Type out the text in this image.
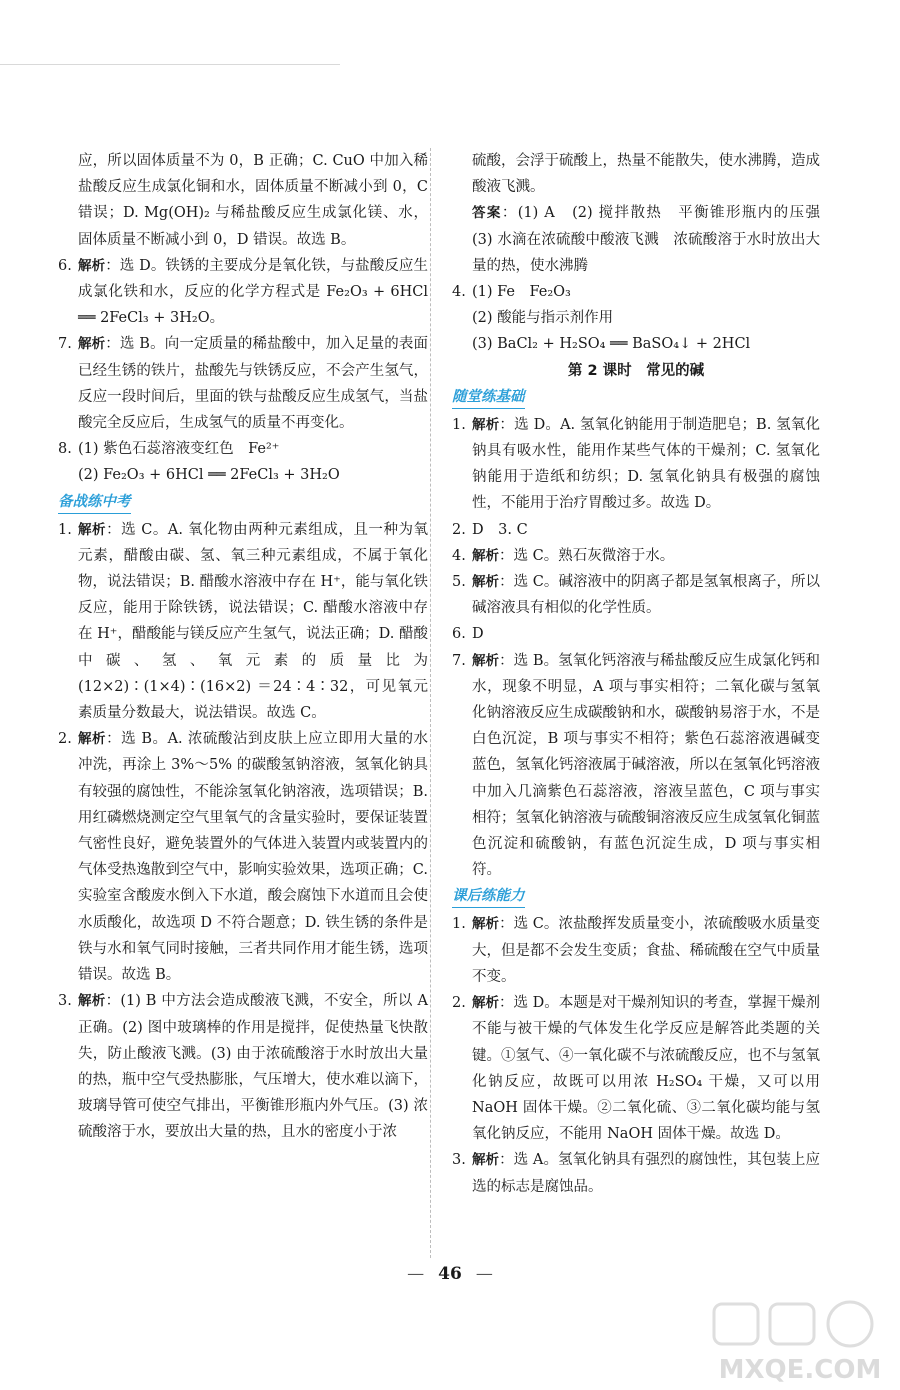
应，所以固体质量不为 0，B 正确；C. CuO 中加入稀盐酸反应生成氯化铜和水，固体质量不断减小到 0，C 错误；D. Mg(OH)₂ 与稀盐酸反应生成氯化镁、水，固体质量不断减小到 0，D 错误。故选 B。
6. 解析：选 D。铁锈的主要成分是氧化铁，与盐酸反应生成氯化铁和水，反应的化学方程式是 Fe₂O₃ + 6HCl ══ 2FeCl₃ + 3H₂O。
7. 解析：选 B。向一定质量的稀盐酸中，加入足量的表面已经生锈的铁片，盐酸先与铁锈反应，不会产生氢气，反应一段时间后，里面的铁与盐酸反应生成氢气，当盐酸完全反应后，生成氢气的质量不再变化。
8. (1) 紫色石蕊溶液变红色　Fe²⁺
(2) Fe₂O₃ + 6HCl ══ 2FeCl₃ + 3H₂O
备战练中考
1. 解析：选 C。A. 氧化物由两种元素组成，且一种为氧元素，醋酸由碳、氢、氧三种元素组成，不属于氧化物，说法错误；B. 醋酸水溶液中存在 H⁺，能与氧化铁反应，能用于除铁锈，说法错误；C. 醋酸水溶液中存在 H⁺，醋酸能与镁反应产生氢气，说法正确；D. 醋酸中碳、氢、氧元素的质量比为(12×2)∶(1×4)∶(16×2) ＝24∶4∶32，可见氧元素质量分数最大，说法错误。故选 C。
2. 解析：选 B。A. 浓硫酸沾到皮肤上应立即用大量的水冲洗，再涂上 3%～5% 的碳酸氢钠溶液，氢氧化钠具有较强的腐蚀性，不能涂氢氧化钠溶液，选项错误；B. 用红磷燃烧测定空气里氧气的含量实验时，要保证装置气密性良好，避免装置外的气体进入装置内或装置内的气体受热逸散到空气中，影响实验效果，选项正确；C. 实验室含酸废水倒入下水道，酸会腐蚀下水道而且会使水质酸化，故选项 D 不符合题意；D. 铁生锈的条件是铁与水和氧气同时接触，三者共同作用才能生锈，选项错误。故选 B。
3. 解析：(1) B 中方法会造成酸液飞溅，不安全，所以 A 正确。(2) 图中玻璃棒的作用是搅拌，促使热量飞快散失，防止酸液飞溅。(3) 由于浓硫酸溶于水时放出大量的热，瓶中空气受热膨胀，气压增大，使水难以滴下，玻璃导管可使空气排出，平衡锥形瓶内外气压。(3) 浓硫酸溶于水，要放出大量的热，且水的密度小于浓
硫酸，会浮于硫酸上，热量不能散失，使水沸腾，造成酸液飞溅。
答案：(1) A　(2) 搅拌散热　平衡锥形瓶内的压强　(3) 水滴在浓硫酸中酸液飞溅　浓硫酸溶于水时放出大量的热，使水沸腾
4. (1) Fe　Fe₂O₃
(2) 酸能与指示剂作用
(3) BaCl₂ + H₂SO₄ ══ BaSO₄↓ + 2HCl
第 2 课时　常见的碱
随堂练基础
1. 解析：选 D。A. 氢氧化钠能用于制造肥皂；B. 氢氧化钠具有吸水性，能用作某些气体的干燥剂；C. 氢氧化钠能用于造纸和纺织；D. 氢氧化钠具有极强的腐蚀性，不能用于治疗胃酸过多。故选 D。
2. D　3. C
4. 解析：选 C。熟石灰微溶于水。
5. 解析：选 C。碱溶液中的阴离子都是氢氧根离子，所以碱溶液具有相似的化学性质。
6. D
7. 解析：选 B。氢氧化钙溶液与稀盐酸反应生成氯化钙和水，现象不明显，A 项与事实相符；二氧化碳与氢氧化钠溶液反应生成碳酸钠和水，碳酸钠易溶于水，不是白色沉淀，B 项与事实不相符；紫色石蕊溶液遇碱变蓝色，氢氧化钙溶液属于碱溶液，所以在氢氧化钙溶液中加入几滴紫色石蕊溶液，溶液呈蓝色，C 项与事实相符；氢氧化钠溶液与硫酸铜溶液反应生成氢氧化铜蓝色沉淀和硫酸钠，有蓝色沉淀生成，D 项与事实相符。
课后练能力
1. 解析：选 C。浓盐酸挥发质量变小，浓硫酸吸水质量变大，但是都不会发生变质；食盐、稀硫酸在空气中质量不变。
2. 解析：选 D。本题是对干燥剂知识的考查，掌握干燥剂不能与被干燥的气体发生化学反应是解答此类题的关键。①氢气、④一氧化碳不与浓硫酸反应，也不与氢氧化钠反应，故既可以用浓 H₂SO₄ 干燥，又可以用 NaOH 固体干燥。②二氧化硫、③二氧化碳均能与氢氧化钠反应，不能用 NaOH 固体干燥。故选 D。
3. 解析：选 A。氢氧化钠具有强烈的腐蚀性，其包装上应选的标志是腐蚀品。
— 46 —
MXQE.COM
